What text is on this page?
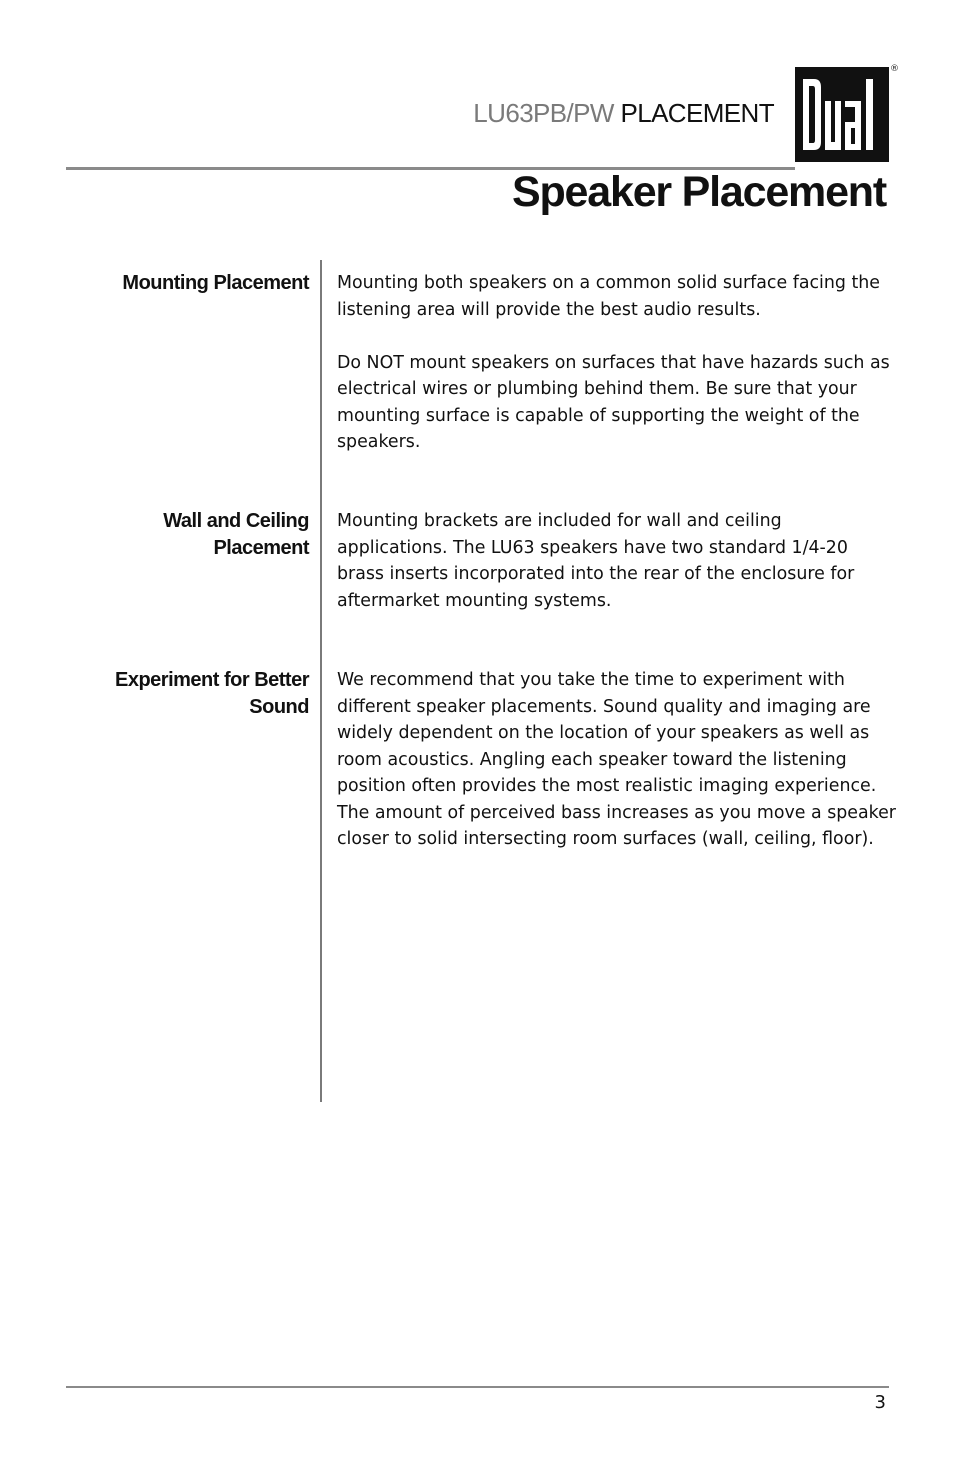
LU63PB/PW PLACEMENT
®
Speaker Placement
Mounting Placement Mounting both speakers on a common solid surface facing the listening area will provide the best audio results.

Do NOT mount speakers on surfaces that have hazards such as electrical wires or plumbing behind them. Be sure that your mounting surface is capable of supporting the weight of the speakers.

Wall and Ceiling Placement

Mounting brackets are included for wall and ceiling applications. The LU63 speakers have two standard 1/4-20 brass inserts incorporated into the rear of the enclosure for aftermarket mounting systems.

Experiment for Better Sound

We recommend that you take the time to experiment with different speaker placements. Sound quality and imaging are widely dependent on the location of your speakers as well as room acoustics. Angling each speaker toward the listening position often provides the most realistic imaging experience. The amount of perceived bass increases as you move a speaker closer to solid intersecting room surfaces (wall, ceiling, floor).

3
